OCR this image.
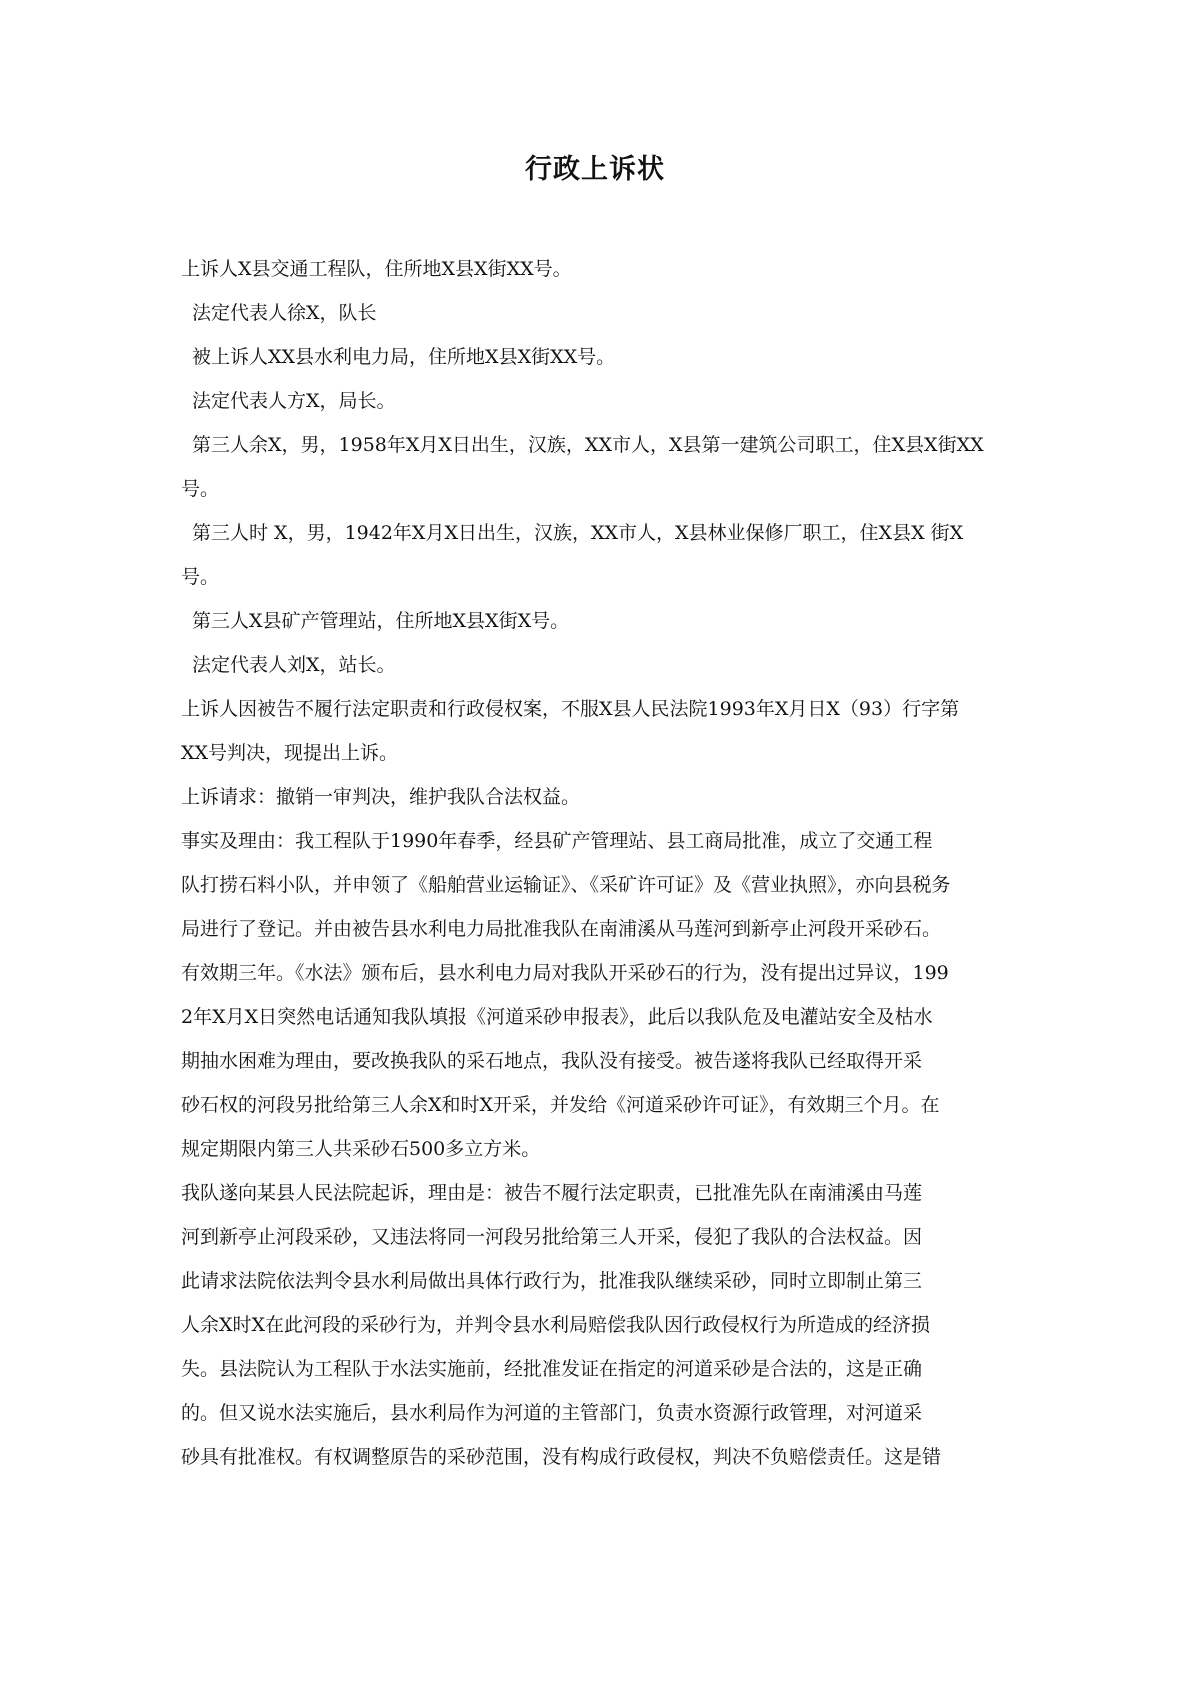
行政上诉状
上诉人X县交通工程队，住所地X县X街XX号。
法定代表人徐X，队长
被上诉人XX县水利电力局，住所地X县X街XX号。
法定代表人方X，局长。
第三人余X，男，1958年X月X日出生，汉族，XX市人，X县第一建筑公司职工，住X县X街XX
号。
第三人时 X，男，1942年X月X日出生，汉族，XX市人，X县林业保修厂职工，住X县X 街X
号。
第三人X县矿产管理站，住所地X县X街X号。
法定代表人刘X，站长。
上诉人因被告不履行法定职责和行政侵权案，不服X县人民法院1993年X月日X（93）行字第
XX号判决，现提出上诉。
上诉请求：撤销一审判决，维护我队合法权益。
事实及理由：我工程队于1990年春季，经县矿产管理站、县工商局批准，成立了交通工程
队打捞石料小队，并申领了《船舶营业运输证》、《采矿许可证》及《营业执照》，亦向县税务
局进行了登记。并由被告县水利电力局批准我队在南浦溪从马莲河到新亭止河段开采砂石。
有效期三年。《水法》颁布后，县水利电力局对我队开采砂石的行为，没有提出过异议，199
2年X月X日突然电话通知我队填报《河道采砂申报表》，此后以我队危及电灌站安全及枯水
期抽水困难为理由，要改换我队的采石地点，我队没有接受。被告遂将我队已经取得开采
砂石权的河段另批给第三人余X和时X开采，并发给《河道采砂许可证》，有效期三个月。在
规定期限内第三人共采砂石500多立方米。
我队遂向某县人民法院起诉，理由是：被告不履行法定职责，已批准先队在南浦溪由马莲
河到新亭止河段采砂，又违法将同一河段另批给第三人开采，侵犯了我队的合法权益。因
此请求法院依法判令县水利局做出具体行政行为，批准我队继续采砂，同时立即制止第三
人余X时X在此河段的采砂行为，并判令县水利局赔偿我队因行政侵权行为所造成的经济损
失。县法院认为工程队于水法实施前，经批准发证在指定的河道采砂是合法的，这是正确
的。但又说水法实施后，县水利局作为河道的主管部门，负责水资源行政管理，对河道采
砂具有批准权。有权调整原告的采砂范围，没有构成行政侵权，判决不负赔偿责任。这是错
